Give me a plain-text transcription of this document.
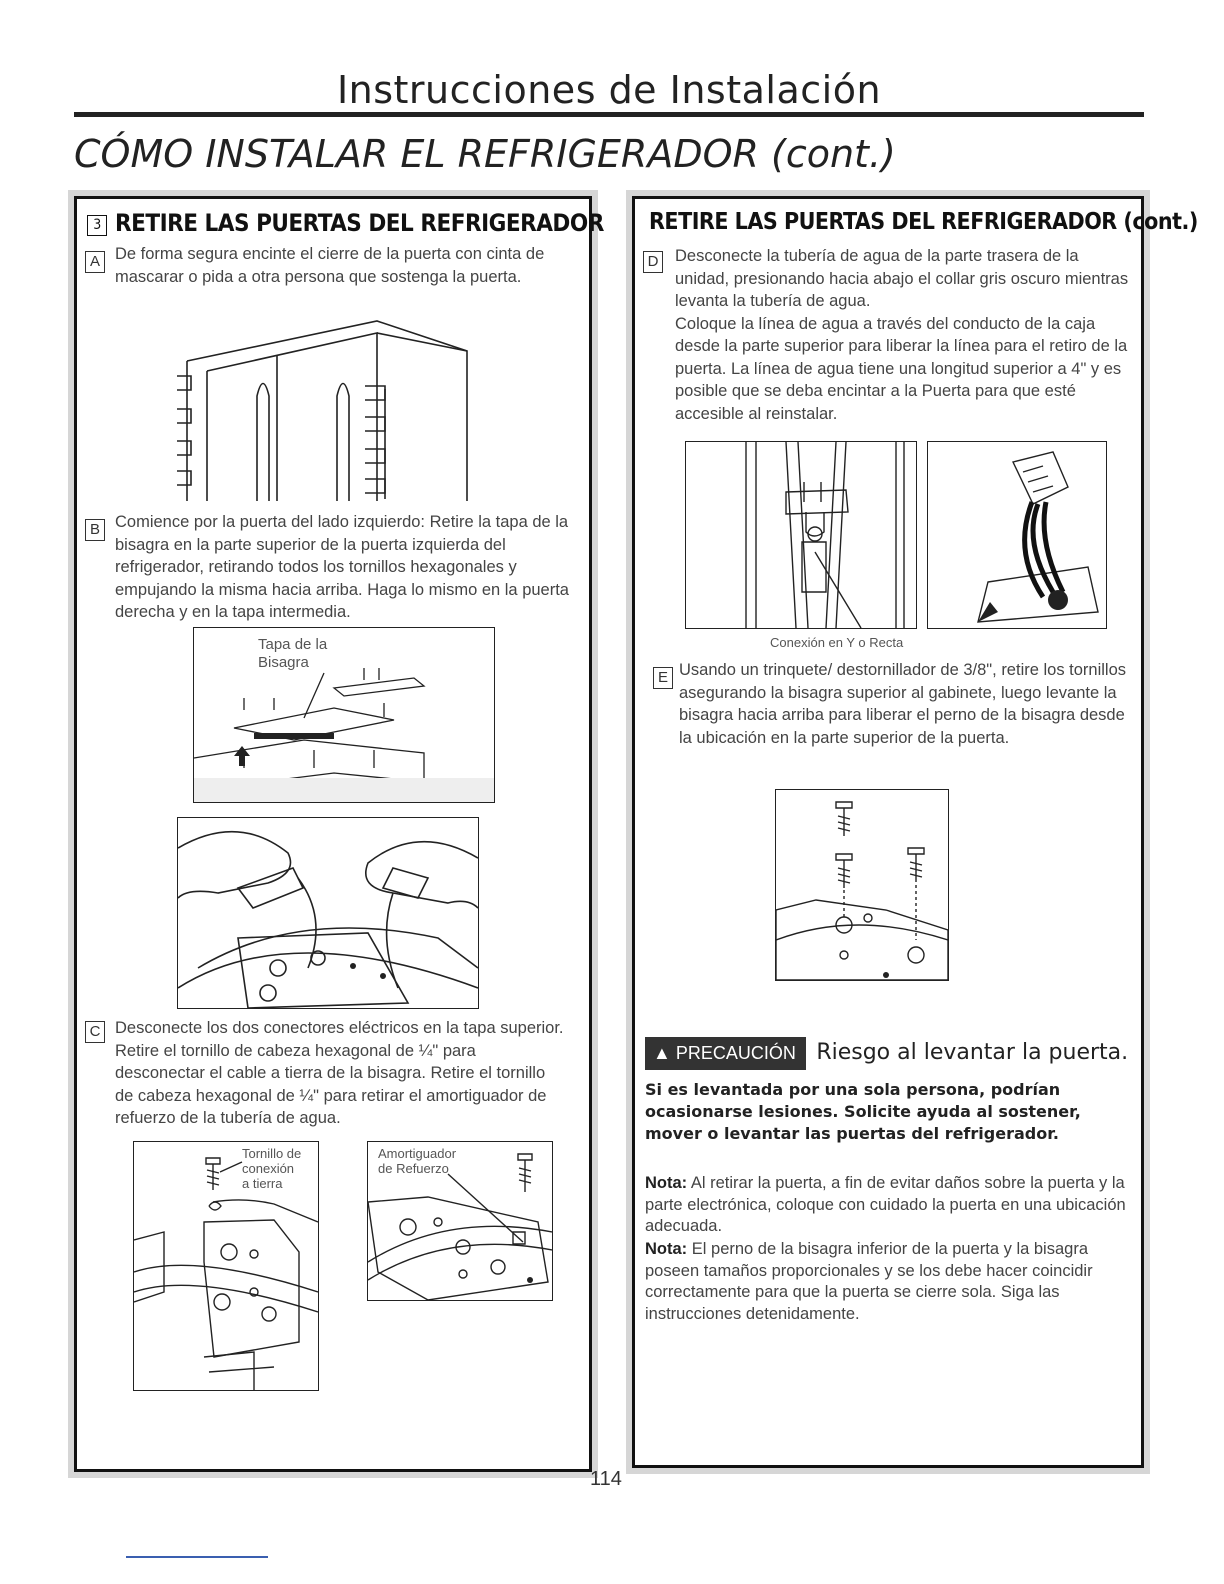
Instrucciones de Instalación
CÓMO INSTALAR EL REFRIGERADOR (cont.)
3 RETIRE LAS PUERTAS DEL REFRIGERADOR
A De forma segura encinte el cierre de la puerta con cinta de mascarar o pida a otra persona que sostenga la puerta.
B Comience por la puerta del lado izquierdo: Retire la tapa de la bisagra en la parte superior de la puerta izquierda del refrigerador, retirando todos los tornillos hexagonales y empujando la misma hacia arriba. Haga lo mismo en la puerta derecha y en la tapa intermedia.
Tapa de la
Bisagra
C Desconecte los dos conectores eléctricos en la tapa superior. Retire el tornillo de cabeza hexagonal de ¼" para desconectar el cable a tierra de la bisagra. Retire el tornillo de cabeza hexagonal de ¼" para retirar el amortiguador de refuerzo de la tubería de agua.
Tornillo de
conexión
a tierra
Amortiguador
de Refuerzo
RETIRE LAS PUERTAS DEL REFRIGERADOR (cont.)
D Desconecte la tubería de agua de la parte trasera de la unidad, presionando hacia abajo el collar gris oscuro mientras levanta la tubería de agua.
Coloque la línea de agua a través del conducto de la caja desde la parte superior para liberar la línea para el retiro de la puerta. La línea de agua tiene una longitud superior a 4" y es posible que se deba encintar a la Puerta para que esté accesible al reinstalar.
Conexión en Y o Recta
E Usando un trinquete/ destornillador de 3/8", retire los tornillos asegurando la bisagra superior al gabinete, luego levante la bisagra hacia arriba para liberar el perno de la bisagra desde la ubicación en la parte superior de la puerta.
▲ PRECAUCIÓN Riesgo al levantar la puerta.
Si es levantada por una sola persona, podrían ocasionarse lesiones. Solicite ayuda al sostener, mover o levantar las puertas del refrigerador.
Nota: Al retirar la puerta, a fin de evitar daños sobre la puerta y la parte electrónica, coloque con cuidado la puerta en una ubicación adecuada.
Nota: El perno de la bisagra inferior de la puerta y la bisagra poseen tamaños proporcionales y se los debe hacer coincidir correctamente para que la puerta se cierre sola. Siga las instrucciones detenidamente.
114
